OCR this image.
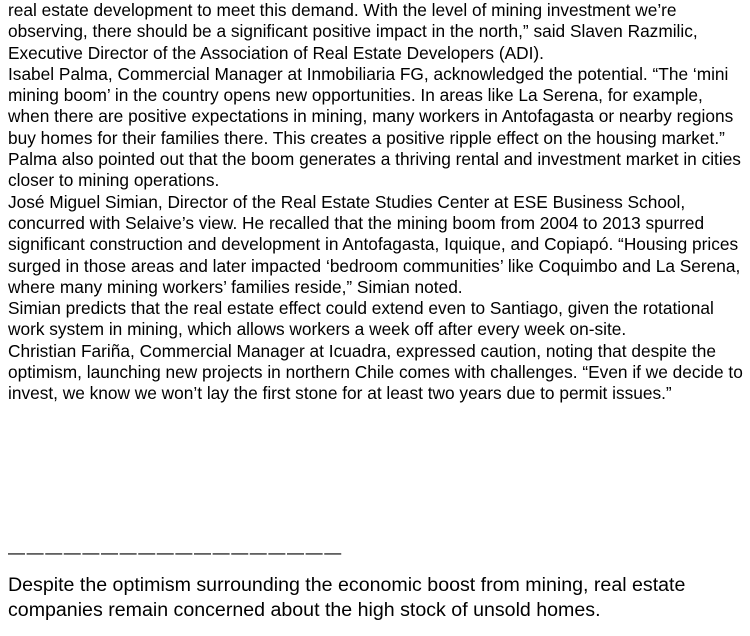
real estate development to meet this demand. With the level of mining investment we’re observing, there should be a significant positive impact in the north,” said Slaven Razmilic, Executive Director of the Association of Real Estate Developers (ADI).

Isabel Palma, Commercial Manager at Inmobiliaria FG, acknowledged the potential. “The ‘mini mining boom’ in the country opens new opportunities. In areas like La Serena, for example, when there are positive expectations in mining, many workers in Antofagasta or nearby regions buy homes for their families there. This creates a positive ripple effect on the housing market.”

Palma also pointed out that the boom generates a thriving rental and investment market in cities closer to mining operations.

José Miguel Simian, Director of the Real Estate Studies Center at ESE Business School, concurred with Selaive’s view. He recalled that the mining boom from 2004 to 2013 spurred significant construction and development in Antofagasta, Iquique, and Copiapó. “Housing prices surged in those areas and later impacted ‘bedroom communities’ like Coquimbo and La Serena, where many mining workers’ families reside,” Simian noted.

Simian predicts that the real estate effect could extend even to Santiago, given the rotational work system in mining, which allows workers a week off after every week on-site.

Christian Fariña, Commercial Manager at Icuadra, expressed caution, noting that despite the optimism, launching new projects in northern Chile comes with challenges. “Even if we decide to invest, we know we won’t lay the first stone for at least two years due to permit issues.”

——————————————————

Despite the optimism surrounding the economic boost from mining, real estate companies remain concerned about the high stock of unsold homes.
